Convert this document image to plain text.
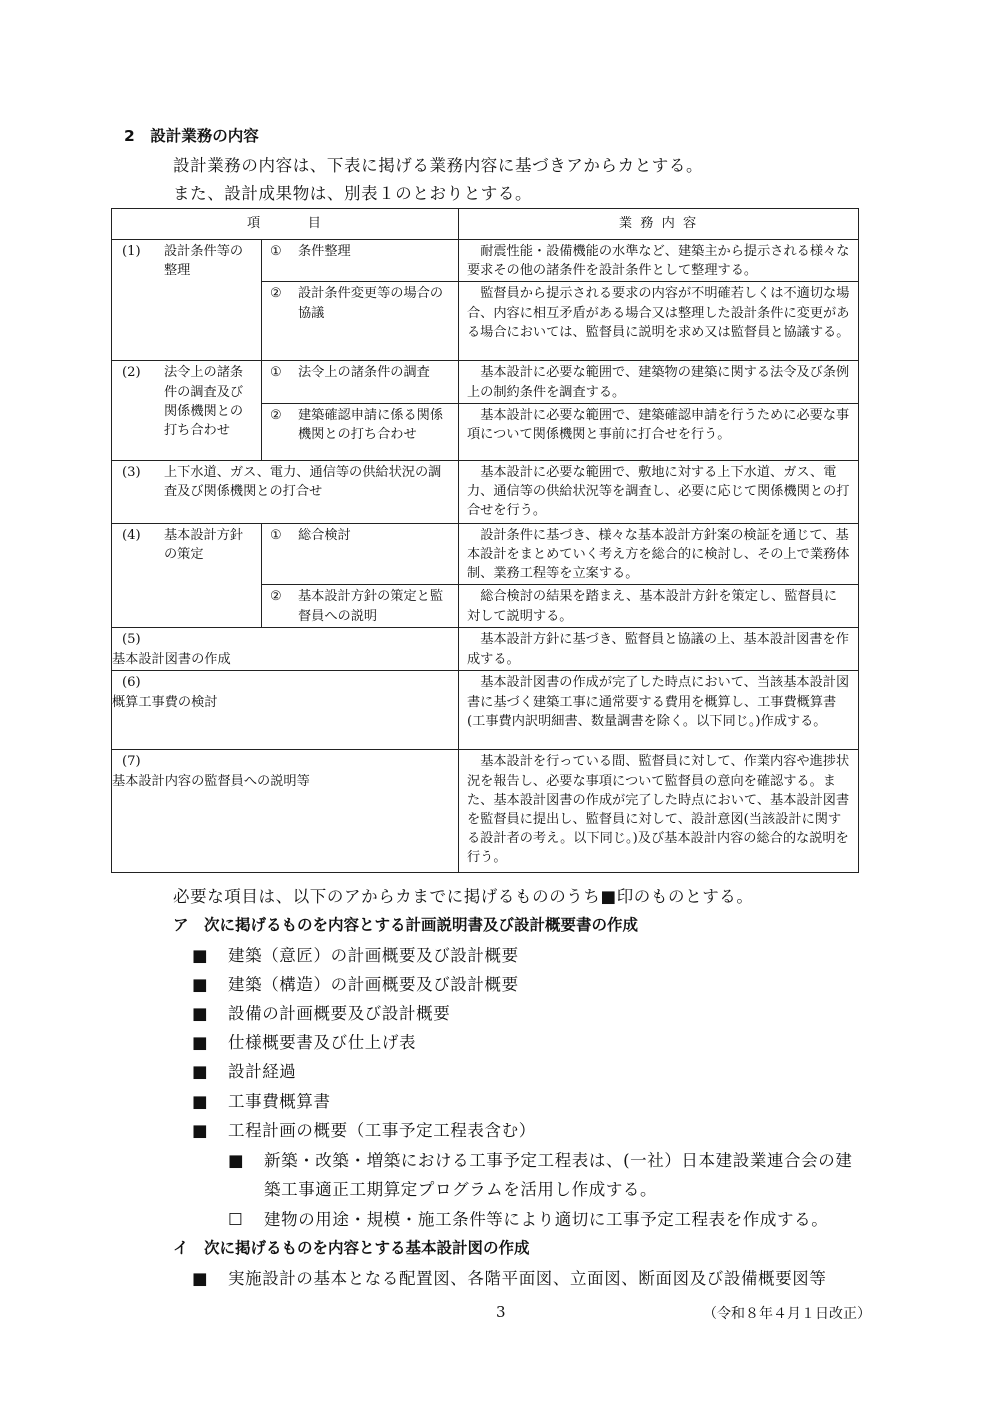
2　設計業務の内容
設計業務の内容は、下表に掲げる業務内容に基づきアからカとする。
また、設計成果物は、別表１のとおりとする。
項　　　目		業 務 内 容
(1) 設計条件等の整理	① 条件整理	耐震性能・設備機能の水準など、建築主から提示される様々な要求その他の諸条件を設計条件として整理する。

	② 設計条件変更等の場合の協議	監督員から提示される要求の内容が不明確若しくは不適切な場合、内容に相互矛盾がある場合又は整理した設計条件に変更がある場合においては、監督員に説明を求め又は監督員と協議する。

(2) 法令上の諸条件の調査及び関係機関との打ち合わせ	① 法令上の諸条件の調査	基本設計に必要な範囲で、建築物の建築に関する法令及び条例上の制約条件を調査する。

	② 建築確認申請に係る関係機関との打ち合わせ	基本設計に必要な範囲で、建築確認申請を行うために必要な事項について関係機関と事前に打合せを行う。

(3) 上下水道、ガス、電力、通信等の供給状況の調査及び関係機関との打合せ		基本設計に必要な範囲で、敷地に対する上下水道、ガス、電力、通信等の供給状況等を調査し、必要に応じて関係機関との打合せを行う。

(4) 基本設計方針の策定	① 総合検討	設計条件に基づき、様々な基本設計方針案の検証を通じて、基本設計をまとめていく考え方を総合的に検討し、その上で業務体制、業務工程等を立案する。

	② 基本設計方針の策定と監督員への説明	総合検討の結果を踏まえ、基本設計方針を策定し、監督員に対して説明する。

(5)基本設計図書の作成		基本設計方針に基づき、監督員と協議の上、基本設計図書を作成する。

(6)概算工事費の検討		基本設計図書の作成が完了した時点において、当該基本設計図書に基づく建築工事に通常要する費用を概算し、工事費概算書(工事費内訳明細書、数量調書を除く。以下同じ。)作成する。

(7)基本設計内容の監督員への説明等		基本設計を行っている間、監督員に対して、作業内容や進捗状況を報告し、必要な事項について監督員の意向を確認する。また、基本設計図書の作成が完了した時点において、基本設計図書を監督員に提出し、監督員に対して、設計意図(当該設計に関する設計者の考え。以下同じ。)及び基本設計内容の総合的な説明を行う。
必要な項目は、以下のアからカまでに掲げるもののうち■印のものとする。
ア　次に掲げるものを内容とする計画説明書及び設計概要書の作成
■ 建築（意匠）の計画概要及び設計概要
■ 建築（構造）の計画概要及び設計概要
■ 設備の計画概要及び設計概要
■ 仕様概要書及び仕上げ表
■ 設計経過
■ 工事費概算書
■ 工程計画の概要（工事予定工程表含む）
■ 新築・改築・増築における工事予定工程表は、(一社）日本建設業連合会の建
築工事適正工期算定プログラムを活用し作成する。
☐ 建物の用途・規模・施工条件等により適切に工事予定工程表を作成する。
イ　次に掲げるものを内容とする基本設計図の作成
■ 実施設計の基本となる配置図、各階平面図、立面図、断面図及び設備概要図等
3	（令和８年４月１日改正）
